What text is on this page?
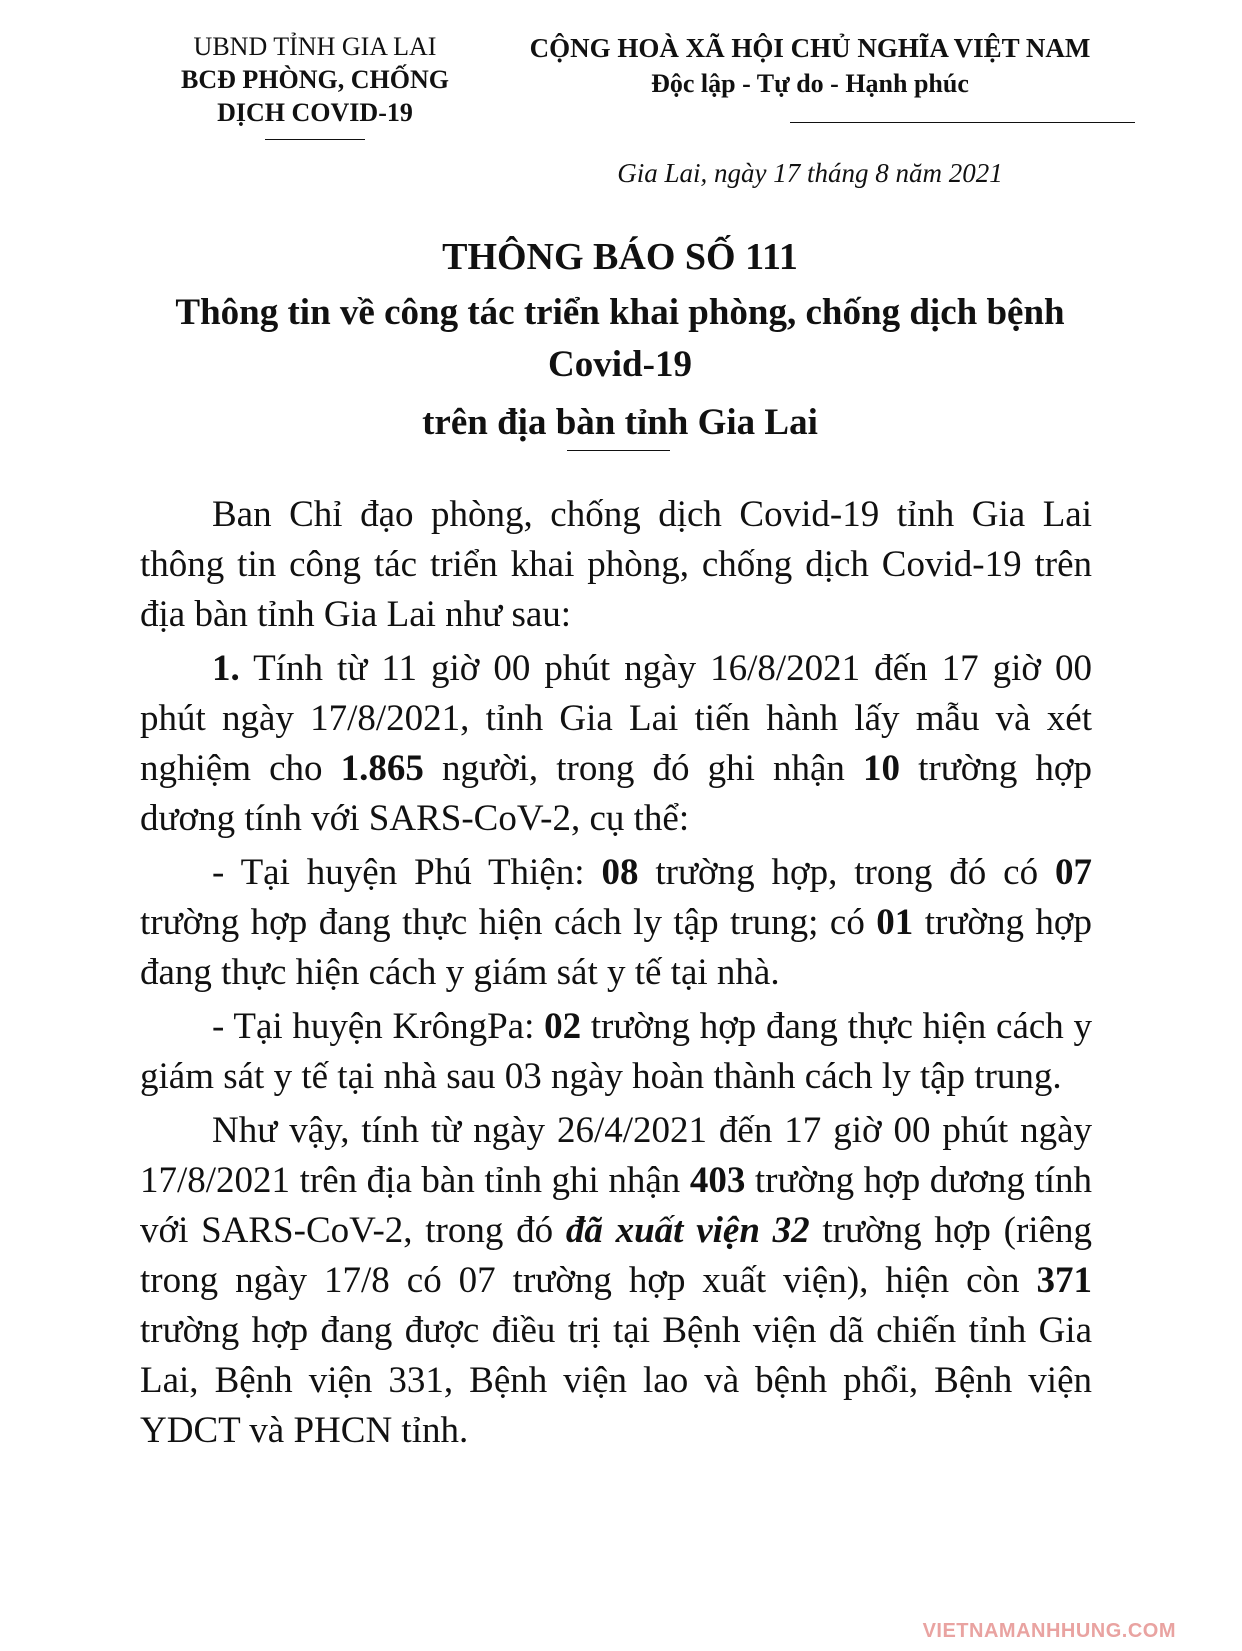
UBND TỈNH GIA LAI
BCĐ PHÒNG, CHỐNG
DỊCH COVID-19
CỘNG HOÀ XÃ HỘI CHỦ NGHĨA VIỆT NAM
Độc lập - Tự do - Hạnh phúc
Gia Lai, ngày 17 tháng 8 năm 2021
THÔNG BÁO SỐ 111
Thông tin về công tác triển khai phòng, chống dịch bệnh Covid-19
trên địa bàn tỉnh Gia Lai

Ban Chỉ đạo phòng, chống dịch Covid-19 tỉnh Gia Lai thông tin công tác triển khai phòng, chống dịch Covid-19 trên địa bàn tỉnh Gia Lai như sau:

1. Tính từ 11 giờ 00 phút ngày 16/8/2021 đến 17 giờ 00 phút ngày 17/8/2021, tỉnh Gia Lai tiến hành lấy mẫu và xét nghiệm cho 1.865 người, trong đó ghi nhận 10 trường hợp dương tính với SARS-CoV-2, cụ thể:

- Tại huyện Phú Thiện: 08 trường hợp, trong đó có 07 trường hợp đang thực hiện cách ly tập trung; có 01 trường hợp đang thực hiện cách y giám sát y tế tại nhà.

- Tại huyện KrôngPa: 02 trường hợp đang thực hiện cách y giám sát y tế tại nhà sau 03 ngày hoàn thành cách ly tập trung.

Như vậy, tính từ ngày 26/4/2021 đến 17 giờ 00 phút ngày 17/8/2021 trên địa bàn tỉnh ghi nhận 403 trường hợp dương tính với SARS-CoV-2, trong đó đã xuất viện 32 trường hợp (riêng trong ngày 17/8 có 07 trường hợp xuất viện), hiện còn 371 trường hợp đang được điều trị tại Bệnh viện dã chiến tỉnh Gia Lai, Bệnh viện 331, Bệnh viện lao và bệnh phổi, Bệnh viện YDCT và PHCN tỉnh.

VIETNAMANHHUNG.COM
